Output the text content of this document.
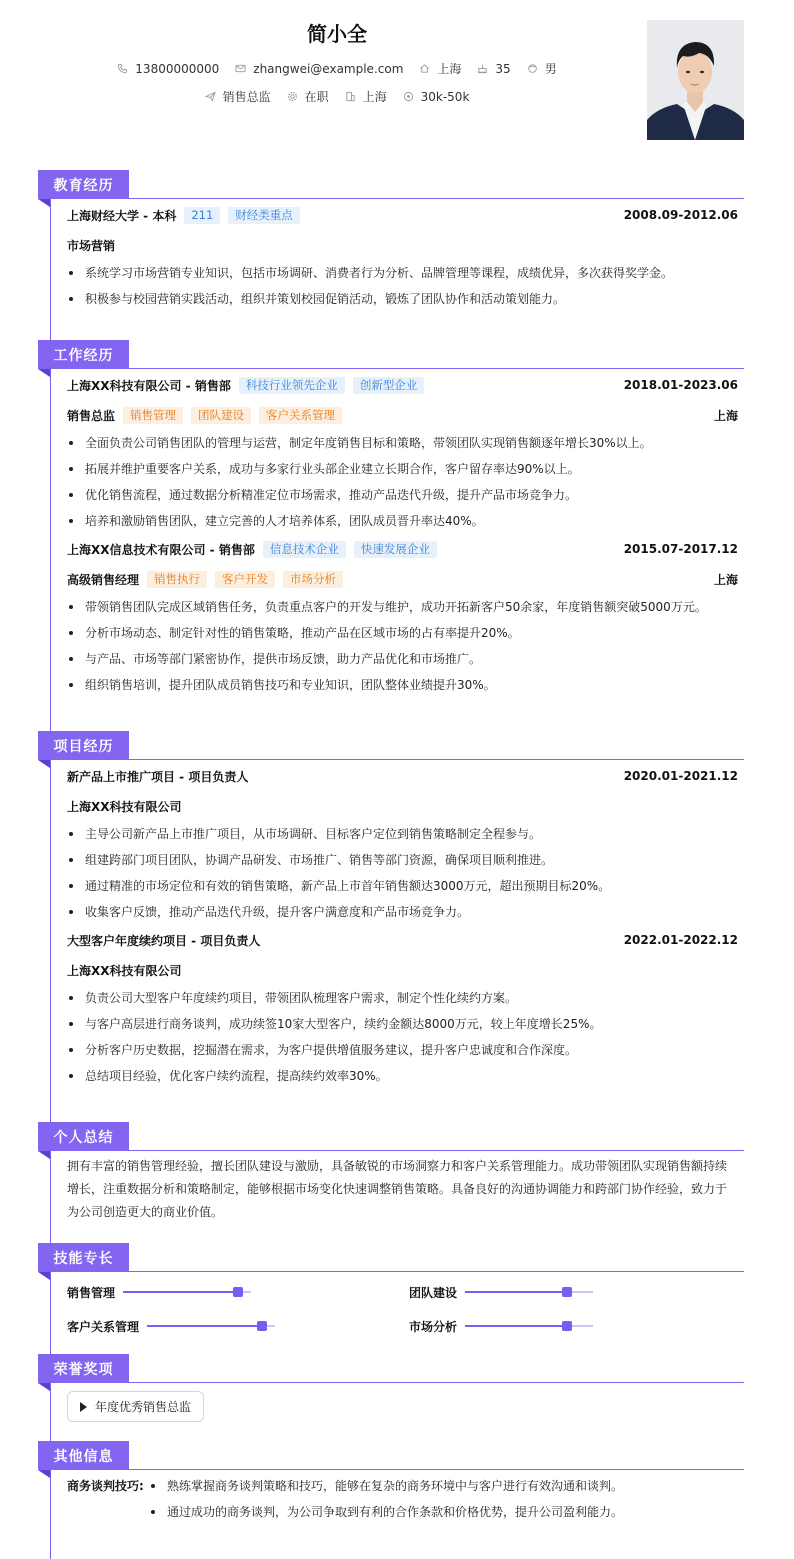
简小全
13800000000	zhangwei@example.com	上海	35	男
销售总监	在职	上海	30k-50k
教育经历
上海财经大学 - 本科	211	财经类重点	2008.09-2012.06
市场营销
系统学习市场营销专业知识，包括市场调研、消费者行为分析、品牌管理等课程，成绩优异，多次获得奖学金。
积极参与校园营销实践活动，组织并策划校园促销活动，锻炼了团队协作和活动策划能力。
工作经历
上海XX科技有限公司 - 销售部	科技行业领先企业	创新型企业	2018.01-2023.06
销售总监	销售管理	团队建设	客户关系管理	上海
全面负责公司销售团队的管理与运营，制定年度销售目标和策略，带领团队实现销售额逐年增长30%以上。
拓展并维护重要客户关系，成功与多家行业头部企业建立长期合作，客户留存率达90%以上。
优化销售流程，通过数据分析精准定位市场需求，推动产品迭代升级，提升产品市场竞争力。
培养和激励销售团队，建立完善的人才培养体系，团队成员晋升率达40%。
上海XX信息技术有限公司 - 销售部	信息技术企业	快速发展企业	2015.07-2017.12
高级销售经理	销售执行	客户开发	市场分析	上海
带领销售团队完成区域销售任务，负责重点客户的开发与维护，成功开拓新客户50余家，年度销售额突破5000万元。
分析市场动态、制定针对性的销售策略，推动产品在区域市场的占有率提升20%。
与产品、市场等部门紧密协作，提供市场反馈，助力产品优化和市场推广。
组织销售培训，提升团队成员销售技巧和专业知识，团队整体业绩提升30%。
项目经历
新产品上市推广项目 - 项目负责人	2020.01-2021.12
上海XX科技有限公司
主导公司新产品上市推广项目，从市场调研、目标客户定位到销售策略制定全程参与。
组建跨部门项目团队，协调产品研发、市场推广、销售等部门资源，确保项目顺利推进。
通过精准的市场定位和有效的销售策略，新产品上市首年销售额达3000万元，超出预期目标20%。
收集客户反馈，推动产品迭代升级，提升客户满意度和产品市场竞争力。
大型客户年度续约项目 - 项目负责人	2022.01-2022.12
上海XX科技有限公司
负责公司大型客户年度续约项目，带领团队梳理客户需求，制定个性化续约方案。
与客户高层进行商务谈判，成功续签10家大型客户，续约金额达8000万元，较上年度增长25%。
分析客户历史数据，挖掘潜在需求，为客户提供增值服务建议，提升客户忠诚度和合作深度。
总结项目经验，优化客户续约流程，提高续约效率30%。
个人总结
拥有丰富的销售管理经验，擅长团队建设与激励，具备敏锐的市场洞察力和客户关系管理能力。成功带领团队实现销售额持续
增长，注重数据分析和策略制定，能够根据市场变化快速调整销售策略。具备良好的沟通协调能力和跨部门协作经验，致力于
为公司创造更大的商业价值。
技能专长
销售管理	团队建设
客户关系管理	市场分析
荣誉奖项
年度优秀销售总监
其他信息
商务谈判技巧:	熟练掌握商务谈判策略和技巧，能够在复杂的商务环境中与客户进行有效沟通和谈判。
通过成功的商务谈判，为公司争取到有利的合作条款和价格优势，提升公司盈利能力。
